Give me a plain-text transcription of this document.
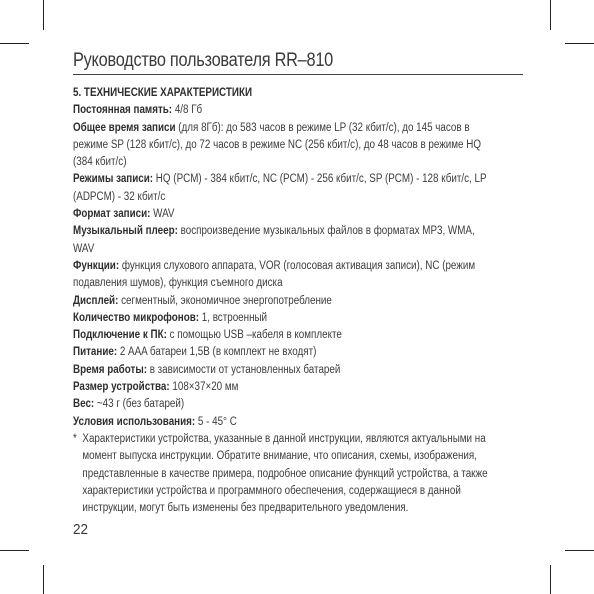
Руководство пользователя RR–810

5. ТЕХНИЧЕСКИЕ ХАРАКТЕРИСТИКИ

Постоянная память: 4/8 Гб

Общее время записи (для 8Гб): до 583 часов в режиме LP (32 кбит/с), до 145 часов в режиме SP (128 кбит/с), до 72 часов в режиме NC (256 кбит/с), до 48 часов в режиме HQ (384 кбит/с)

Режимы записи: HQ (PCM) - 384 кбит/с, NC (PCM) - 256 кбит/с, SP (PCM) - 128 кбит/с, LP (ADPCM) - 32 кбит/с

Формат записи: WAV

Музыкальный плеер: воспроизведение музыкальных файлов в форматах MP3, WMA, WAV

Функции: функция слухового аппарата, VOR (голосовая активация записи), NC (режим подавления шумов), функция съемного диска

Дисплей: сегментный, экономичное энергопотребление

Количество микрофонов: 1, встроенный

Подключение к ПК: с помощью USB –кабеля в комплекте

Питание: 2 AAA батареи 1,5В (в комплект не входят)

Время работы: в зависимости от установленных батарей

Размер устройства: 108×37×20 мм

Вес: ~43 г (без батарей)

Условия использования: 5 - 45° С

* Характеристики устройства, указанные в данной инструкции, являются актуальными на момент выпуска инструкции. Обратите внимание, что описания, схемы, изображения, представленные в качестве примера, подробное описание функций устройства, а также характеристики устройства и программного обеспечения, содержащиеся в данной инструкции, могут быть изменены без предварительного уведомления.
22
